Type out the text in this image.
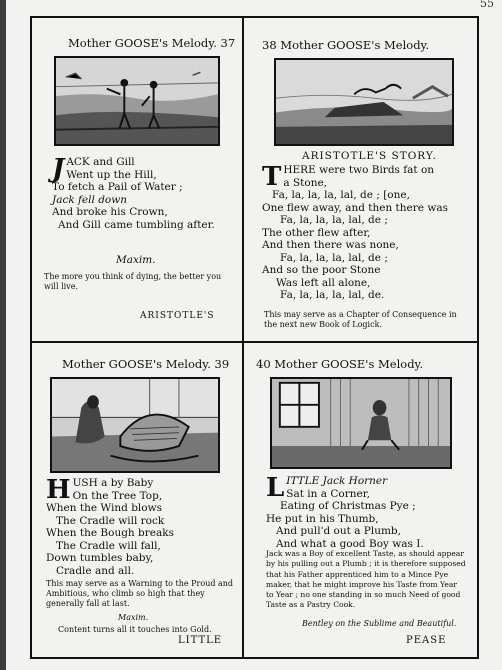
55
Mother GOOSE's Melody. 37
J ACK and Gill
Went up the Hill,
To fetch a Pail of Water ;
Jack fell down
And broke his Crown,
And Gill came tumbling after.
Maxim.
The more you think of dying, the better you will live.
ARISTOTLE'S
38 Mother GOOSE's Melody.
ARISTOTLE'S STORY.
T HERE were two Birds fat on
a Stone,
Fa, la, la, la, lal, de ; [one,
One flew away, and then there was
Fa, la, la, la, lal, de ;
The other flew after,
And then there was none,
Fa, la, la, la, lal, de ;
And so the poor Stone
Was left all alone,
Fa, la, la, la, lal, de.
This may serve as a Chapter of Consequence in the next new Book of Logick.
Mother GOOSE's Melody. 39
H USH a by Baby
On the Tree Top,
When the Wind blows
The Cradle will rock
When the Bough breaks
The Cradle will fall,
Down tumbles baby,
Cradle and all.
This may serve as a Warning to the Proud and Ambitious, who climb so high that they generally fall at last.
Maxim.
Content turns all it touches into Gold.
LITTLE
40 Mother GOOSE's Melody.
L ITTLE Jack Horner
Sat in a Corner,
Eating of Christmas Pye ;
He put in his Thumb,
And pull'd out a Plumb,
And what a good Boy was I.
Jack was a Boy of excellent Taste, as should appear by his pulling out a Plumb ; it is therefore supposed that his Father apprenticed him to a Mince Pye maker, that he might improve his Taste from Year to Year ; no one standing in so much Need of good Taste as a Pastry Cook.
Bentley on the Sublime and Beautiful.
PEASE
